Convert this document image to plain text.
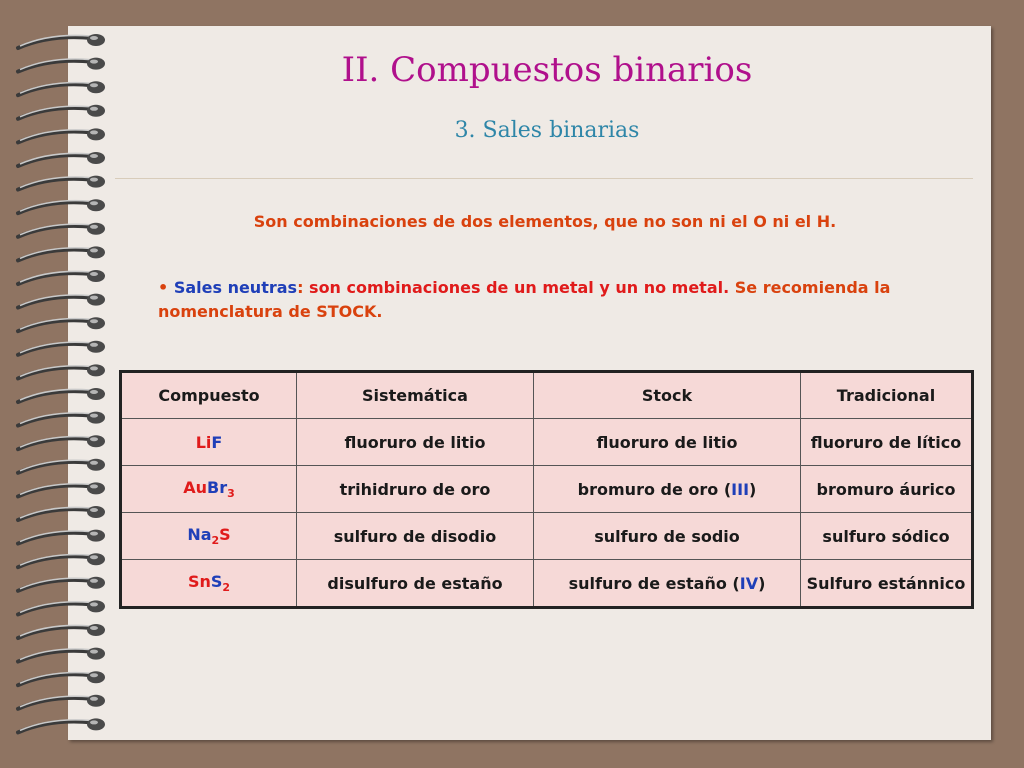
II. Compuestos binarios
3. Sales binarias

Son combinaciones de dos elementos, que no son ni el O ni el H.

• Sales neutras: son combinaciones de un metal y un no metal. Se recomienda la nomenclatura de STOCK.

Compuesto	Sistemática	Stock	Tradicional
LiF	fluoruro de litio	fluoruro de litio	fluoruro de lítico
AuBr$_3$	trihidruro de oro	bromuro de oro (III)	bromuro áurico
$Na_2S$	sulfuro de disodio	sulfuro de sodio	sulfuro sódico
SnS$_2$	disulfuro de estaño	sulfuro de estaño (IV)	Sulfuro estánnico
